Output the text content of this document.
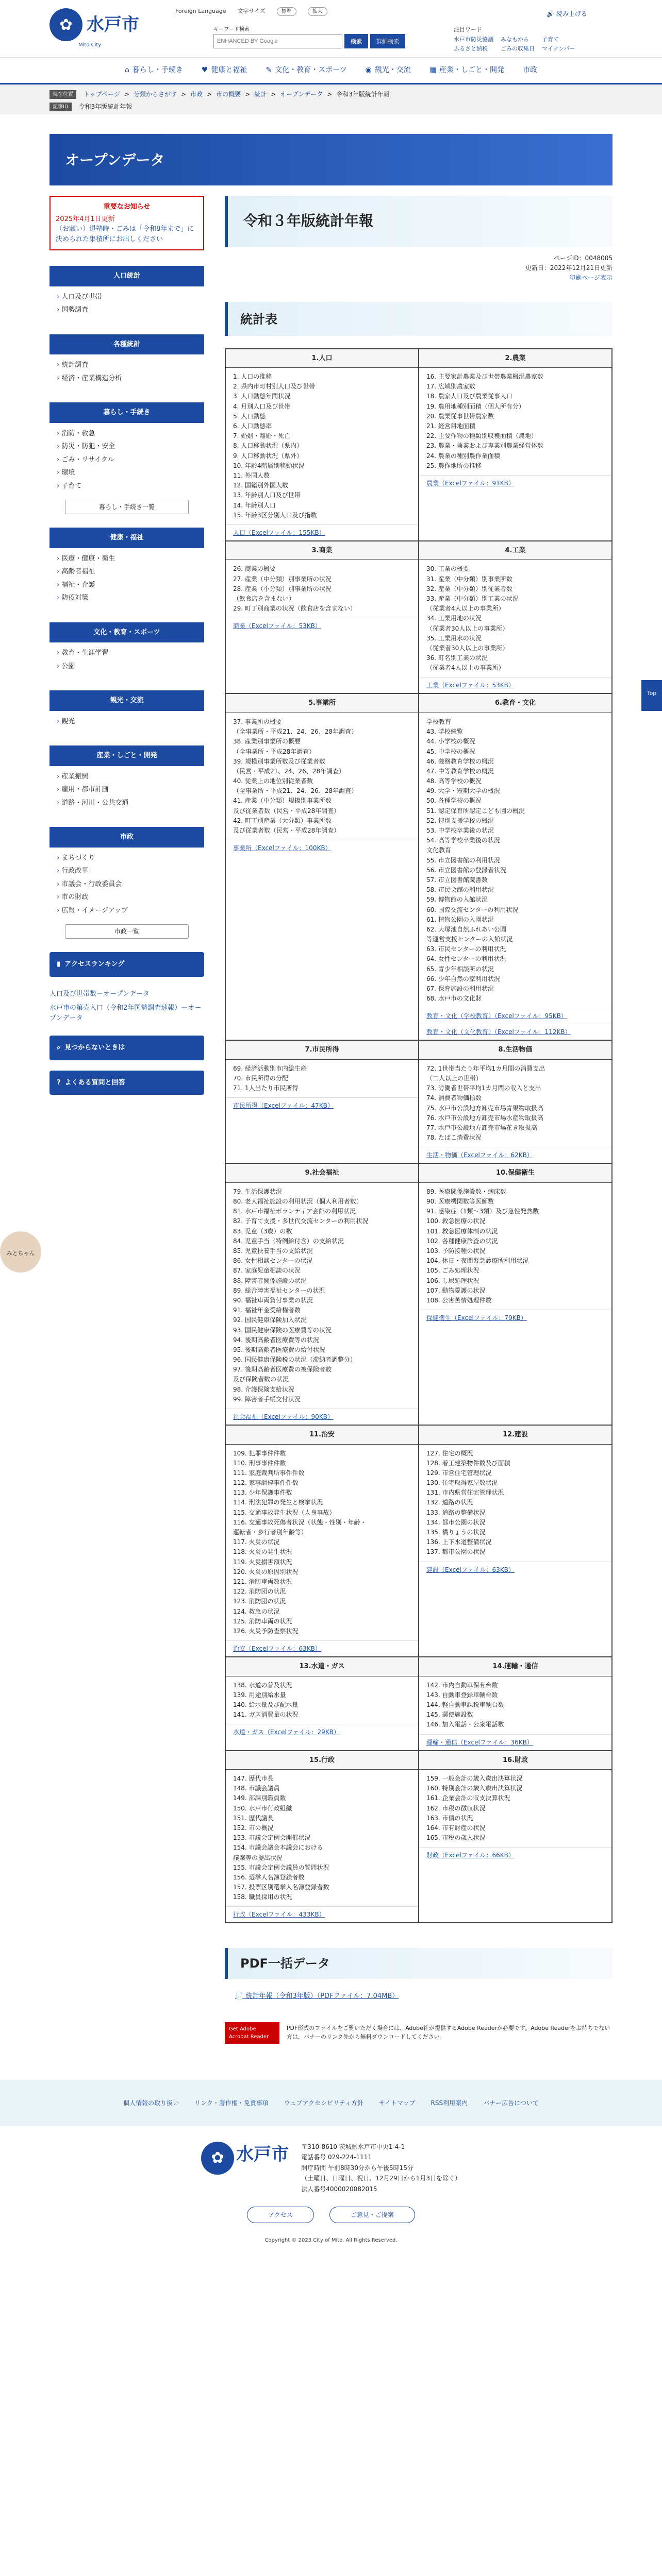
✿ 水戸市
Mito City
Foreign Language 文字サイズ	標準	拡大
キーワード検索
ENHANCED BY Google
検索	詳細検索
注目ワード
水戸市防災協議 みなもから	子育て
ふるさと納税	ごみの収集日 マイナンバー
🔊 読み上げる
⌂ 暮らし・手続き	♥ 健康と福祉	✎ 文化・教育・スポーツ	◉ 観光・交流	▦ 産業・しごと・開発	市政
現在位置	トップページ > 分類からさがす > 市政 > 市の概要 > 統計 > オープンデータ > 令和3年版統計年報
記事ID	令和3年版統計年報
オープンデータ
重要なお知らせ
2025年4月1日更新
（お願い）退塾時・ごみは「令和8年まで」に決められた集積所にお出しください
人口統計
› 人口及び世帯
› 国勢調査
各種統計
› 統計調査
› 経済・産業構造分析
暮らし・手続き
› 消防・救急
› 防災・防犯・安全
› ごみ・リサイクル
› 環境
› 子育て
暮らし・手続き一覧
健康・福祉
› 医療・健康・衛生
› 高齢者福祉
› 福祉・介護
› 防疫対策
文化・教育・スポーツ
› 教育・生涯学習
› 公園
観光・交流
› 観光
産業・しごと・開発
› 産業振興
› 雇用・都市計画
› 道路・河川・公共交通
市政
› まちづくり
› 行政改革
› 市議会・行政委員会
› 市の財政
› 広報・イメージアップ
市政一覧
▮ アクセスランキング
人口及び世帯数－オープンデータ
水戸市の第売入口（令和2年国勢調査速報）－オープンデータ
⌕ 見つからないときは
? よくある質問と回答
令和３年版統計年報
ページID：0048005
更新日：2022年12月21日更新
印刷ページ表示
統計表
1.人口
1. 人口の推移
2. 県内市町村別人口及び世帯
3. 人口動態年間状況
4. 月別人口及び世帯
5. 人口動態
6. 人口動態率
7. 婚姻・離婚・死亡
8. 人口移動状況（県内）
9. 人口移動状況（県外）
10. 年齢4階層別移動状況
11. 外国人数
12. 国籍別外国人数
13. 年齢別人口及び世帯
14. 年齢別人口
15. 年齢3区分別人口及び指数
人口（Excelファイル：155KB）
2.農業
16. 主要家計農業及び世帯農業概況農家数
17. 広域別農家数
18. 農家人口及び農業従事人口
19. 農用地種別面積（個人所有分）
20. 農業従事世帯農家数
21. 経営耕地面積
22. 主要作物の種類別収穫面積（農地）
23. 農業・兼業および専業別農業経営体数
24. 農業の種別農作業面積
25. 農作地所の推移
農業（Excelファイル：91KB）
3.商業
26. 商業の概要
27. 産業（中分類）別事業所の状況
28. 産業（小分類）別事業所の状況
（飲食店を含まない）
29. 町丁別商業の状況（飲食店を含まない）
商業（Excelファイル：53KB）
4.工業
30. 工業の概要
31. 産業（中分類）別事業所数
32. 産業（中分類）別従業者数
33. 産業（中分類）別工業の状況
（従業者4人以上の事業所）
34. 工業用地の状況
（従業者30人以上の事業所）
35. 工業用水の状況
（従業者30人以上の事業所）
36. 町名別工業の状況
（従業者4人以上の事業所）
工業（Excelファイル：53KB）
5.事業所
37. 事業所の概要
（全事業所・平成21、24、26、28年調査）
38. 産業別事業所の概要
（全事業所・平成28年調査）
39. 規模別事業所数及び従業者数
（民営・平成21、24、26、28年調査）
40. 従業上の地位別従業者数
（全事業所・平成21、24、26、28年調査）
41. 産業（中分類）規模別事業所数
及び従業者数（民営・平成28年調査）
42. 町丁別産業（大分類）事業所数
及び従業者数（民営・平成28年調査）
事業所（Excelファイル：100KB）
6.教育・文化
学校教育
43. 学校総覧
44. 小学校の概況
45. 中学校の概況
46. 義務教育学校の概況
47. 中等教育学校の概況
48. 高等学校の概況
49. 大学・短期大学の概況
50. 各種学校の概況
51. 認定保育所認定こども園の概況
52. 特別支援学校の概況
53. 中学校卒業後の状況
54. 高等学校卒業後の状況
文化教育
55. 市立図書館の利用状況
56. 市立図書館の登録者状況
57. 市立図書館蔵書数
58. 市民会館の利用状況
59. 博物館の入館状況
60. 国際交流センターの利用状況
61. 植物公園の入園状況
62. 大塚池自然ふれあい公園
等運営支援センターの入館状況
63. 市民センターの利用状況
64. 女性センターの利用状況
65. 青少年相談所の状況
66. 少年自然の家利用状況
67. 保育施設の利用状況
68. 水戸市の文化財
教育・文化（学校教育）（Excelファイル：95KB）
教育・文化（文化教育）（Excelファイル：112KB）
7.市民所得
69. 経済活動別市内総生産
70. 市民所得の分配
71. 1人当たり市民所得
市民所得（Excelファイル：47KB）
8.生活物価
72. 1世帯当たり年平均1カ月間の消費支出
（二人以上の世帯）
73. 労働者世帯平均1カ月間の収入と支出
74. 消費者物価指数
75. 水戸市公設地方卸売市場青果物取扱高
76. 水戸市公設地方卸売市場水産物取扱高
77. 水戸市公設地方卸売市場花き取扱高
78. たばこ消費状況
生活・物価（Excelファイル：62KB）
9.社会福祉
79. 生活保護状況
80. 老人福祉施設の利用状況（個人利用者数）
81. 水戸市福祉ボランティア会館の利用状況
82. 子育て支援・多世代交流センターの利用状況
83. 児童（3歳）の数
84. 児童手当（特例給付含）の支給状況
85. 児童扶養手当の支給状況
86. 女性相談センターの状況
87. 家庭児童相談の状況
88. 障害者関係施設の状況
89. 総合障害福祉センターの状況
90. 福祉車両貸付事業の状況
91. 福祉年金受給権者数
92. 国民健康保険加入状況
93. 国民健康保険の医療費等の状況
94. 後期高齢者医療費等の状況
95. 後期高齢者医療費の給付状況
96. 国民健康保険税の状況（滞納者調整分）
97. 後期高齢者医療費の被保険者数
及び保険者数の状況
98. 介護保険支給状況
99. 障害者手帳交付状況
社会福祉（Excelファイル：90KB）
10.保健衛生
89. 医療関係施設数・病床数
90. 医療機関数等医師数
91. 感染症（1類〜3類）及び急性発熱数
100. 救急医療の状況
101. 救急医療体制の状況
102. 各種健康診査の状況
103. 予防接種の状況
104. 休日・夜間緊急診療所利用状況
105. ごみ処理状況
106. し尿処理状況
107. 動物愛護の状況
108. 公害苦情処理件数
保健衛生（Excelファイル：79KB）
11.治安
109. 犯罪事件件数
110. 刑事事件件数
111. 家庭裁判所事件件数
112. 家事調停事件件数
113. 少年保護事件数
114. 刑法犯罪の発生と検挙状況
115. 交通事故発生状況（人身事故）
116. 交通事故死傷者状況（状態・性別・年齢・
運転者・歩行者別年齢等）
117. 火災の状況
118. 火災の発生状況
119. 火災損害額状況
120. 火災の原因別状況
121. 消防車両数状況
122. 消防団の状況
123. 消防団の状況
124. 救急の状況
125. 消防車両の状況
126. 火災予防査察状況
治安（Excelファイル：63KB）
12.建設
127. 住宅の概況
128. 着工建築物件数及び面積
129. 市営住宅管理状況
130. 住宅取得家屋数状況
131. 市内県営住宅管理状況
132. 道路の状況
133. 道路の整備状況
134. 都市公園の状況
135. 橋りょうの状況
136. 上下水道整備状況
137. 都市公園の状況
建設（Excelファイル：63KB）
13.水道・ガス
138. 水道の普及状況
139. 用途別給水量
140. 給水量及び配水量
141. ガス消費量の状況
水道・ガス（Excelファイル：29KB）
14.運輸・通信
142. 市内自動車保有台数
143. 自動車登録車輌台数
144. 軽自動車課税車輌台数
145. 郵便施設数
146. 加入電話・公衆電話数
運輸・通信（Excelファイル：36KB）
15.行政
147. 歴代市長
148. 市議会議員
149. 部課別職員数
150. 水戸市行政組織
151. 歴代議長
152. 市の概況
153. 市議会定例会開催状況
154. 市議会議会本議会における
議案等の提出状況
155. 市議会定例会議員の質問状況
156. 選挙人名簿登録者数
157. 投票区別選挙人名簿登録者数
158. 職員採用の状況
行政（Excelファイル：433KB）
16.財政
159. 一般会計の歳入歳出決算状況
160. 特別会計の歳入歳出決算状況
161. 企業会計の収支決算状況
162. 市税の徴収状況
163. 市債の状況
164. 市有財産の状況
165. 市税の歳入状況
財政（Excelファイル：66KB）
PDF一括データ
📄 統計年報（令和3年版）（PDFファイル：7.04MB）
Get Adobe Acrobat Reader
PDF形式のファイルをご覧いただく場合には、Adobe社が提供するAdobe Readerが必要です。Adobe Readerをお持ちでない方は、バナーのリンク先から無料ダウンロードしてください。
個人情報の取り扱い	リンク・著作権・免責事項	ウェブアクセシビリティ方針	サイトマップ	RSS利用案内	バナー広告について
✿ 水戸市 〒310-8610 茨城県水戸市中央1-4-1
電話番号 029-224-1111
開庁時間 午前8時30分から午後5時15分
（土曜日、日曜日、祝日、12月29日から1月3日を除く）
法人番号4000020082015
アクセス	ご意見・ご提案
Copyright © 2023 City of Mito. All Rights Reserved.
Top
みとちゃん
